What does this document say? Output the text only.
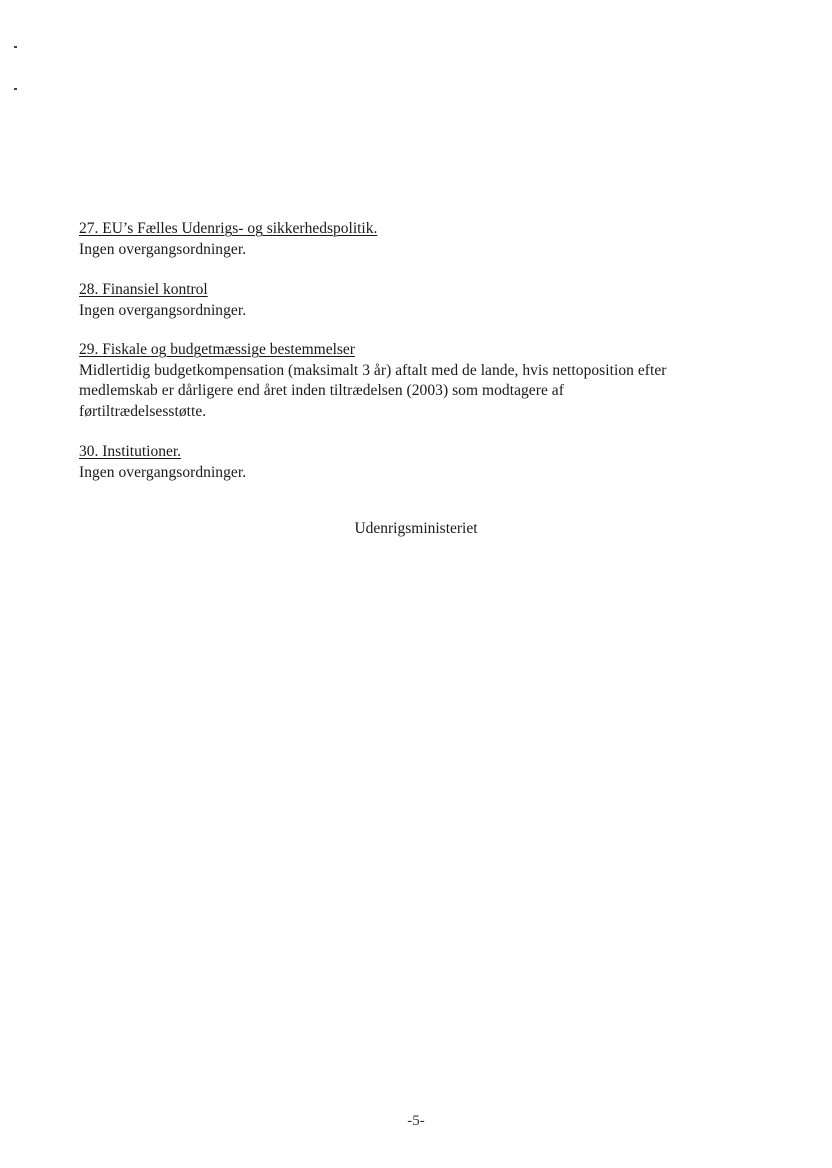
27. EU’s Fælles Udenrigs- og sikkerhedspolitik.
Ingen overgangsordninger.
28. Finansiel kontrol
Ingen overgangsordninger.
29. Fiskale og budgetmæssige bestemmelser
Midlertidig budgetkompensation (maksimalt 3 år) aftalt med de lande, hvis nettoposition efter
medlemskab er dårligere end året inden tiltrædelsen (2003) som modtagere af
førtiltrædelsesstøtte.
30. Institutioner.
Ingen overgangsordninger.
Udenrigsministeriet
-5-
